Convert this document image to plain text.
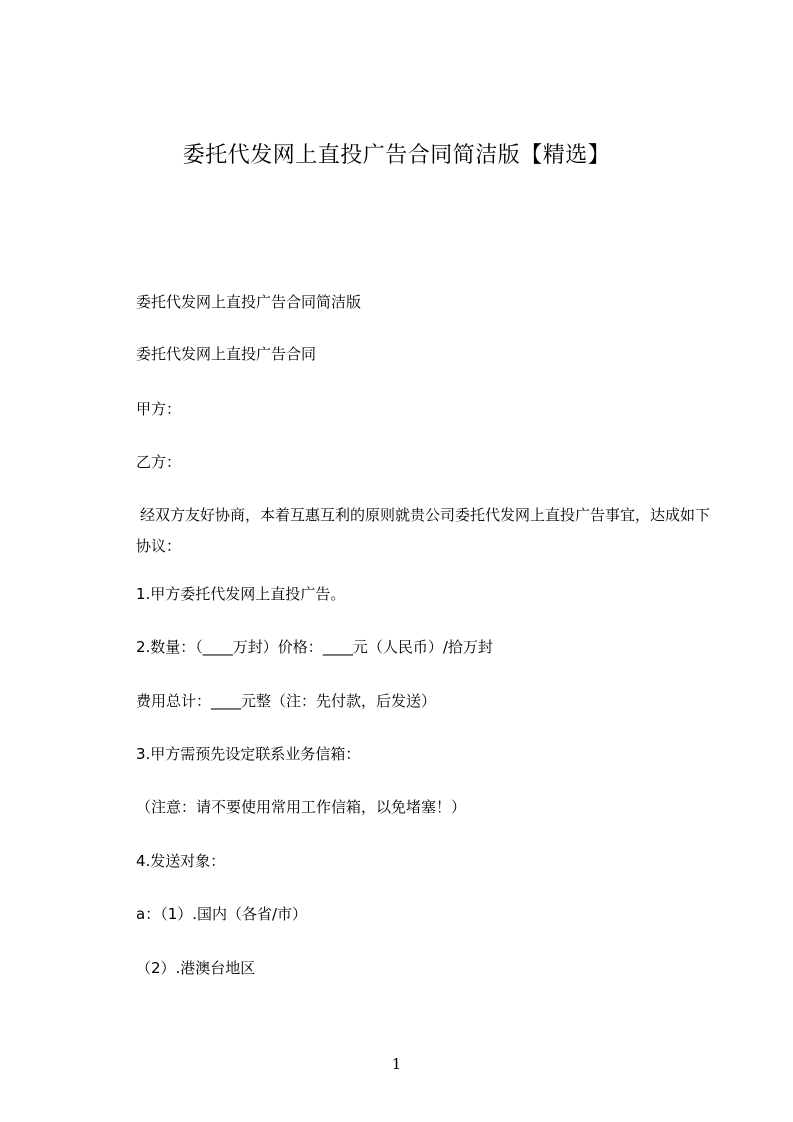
委托代发网上直投广告合同简洁版【精选】
委托代发网上直投广告合同简洁版
委托代发网上直投广告合同
甲方：
乙方：
经双方友好协商，本着互惠互利的原则就贵公司委托代发网上直投广告事宜，达成如下协议：
1.甲方委托代发网上直投广告。
2.数量：（____万封）价格：____元（人民币）/拾万封
费用总计：____元整（注：先付款，后发送）
3.甲方需预先设定联系业务信箱：
（注意：请不要使用常用工作信箱，以免堵塞！）
4.发送对象：
a：（1）.国内（各省/市）
（2）.港澳台地区
1
